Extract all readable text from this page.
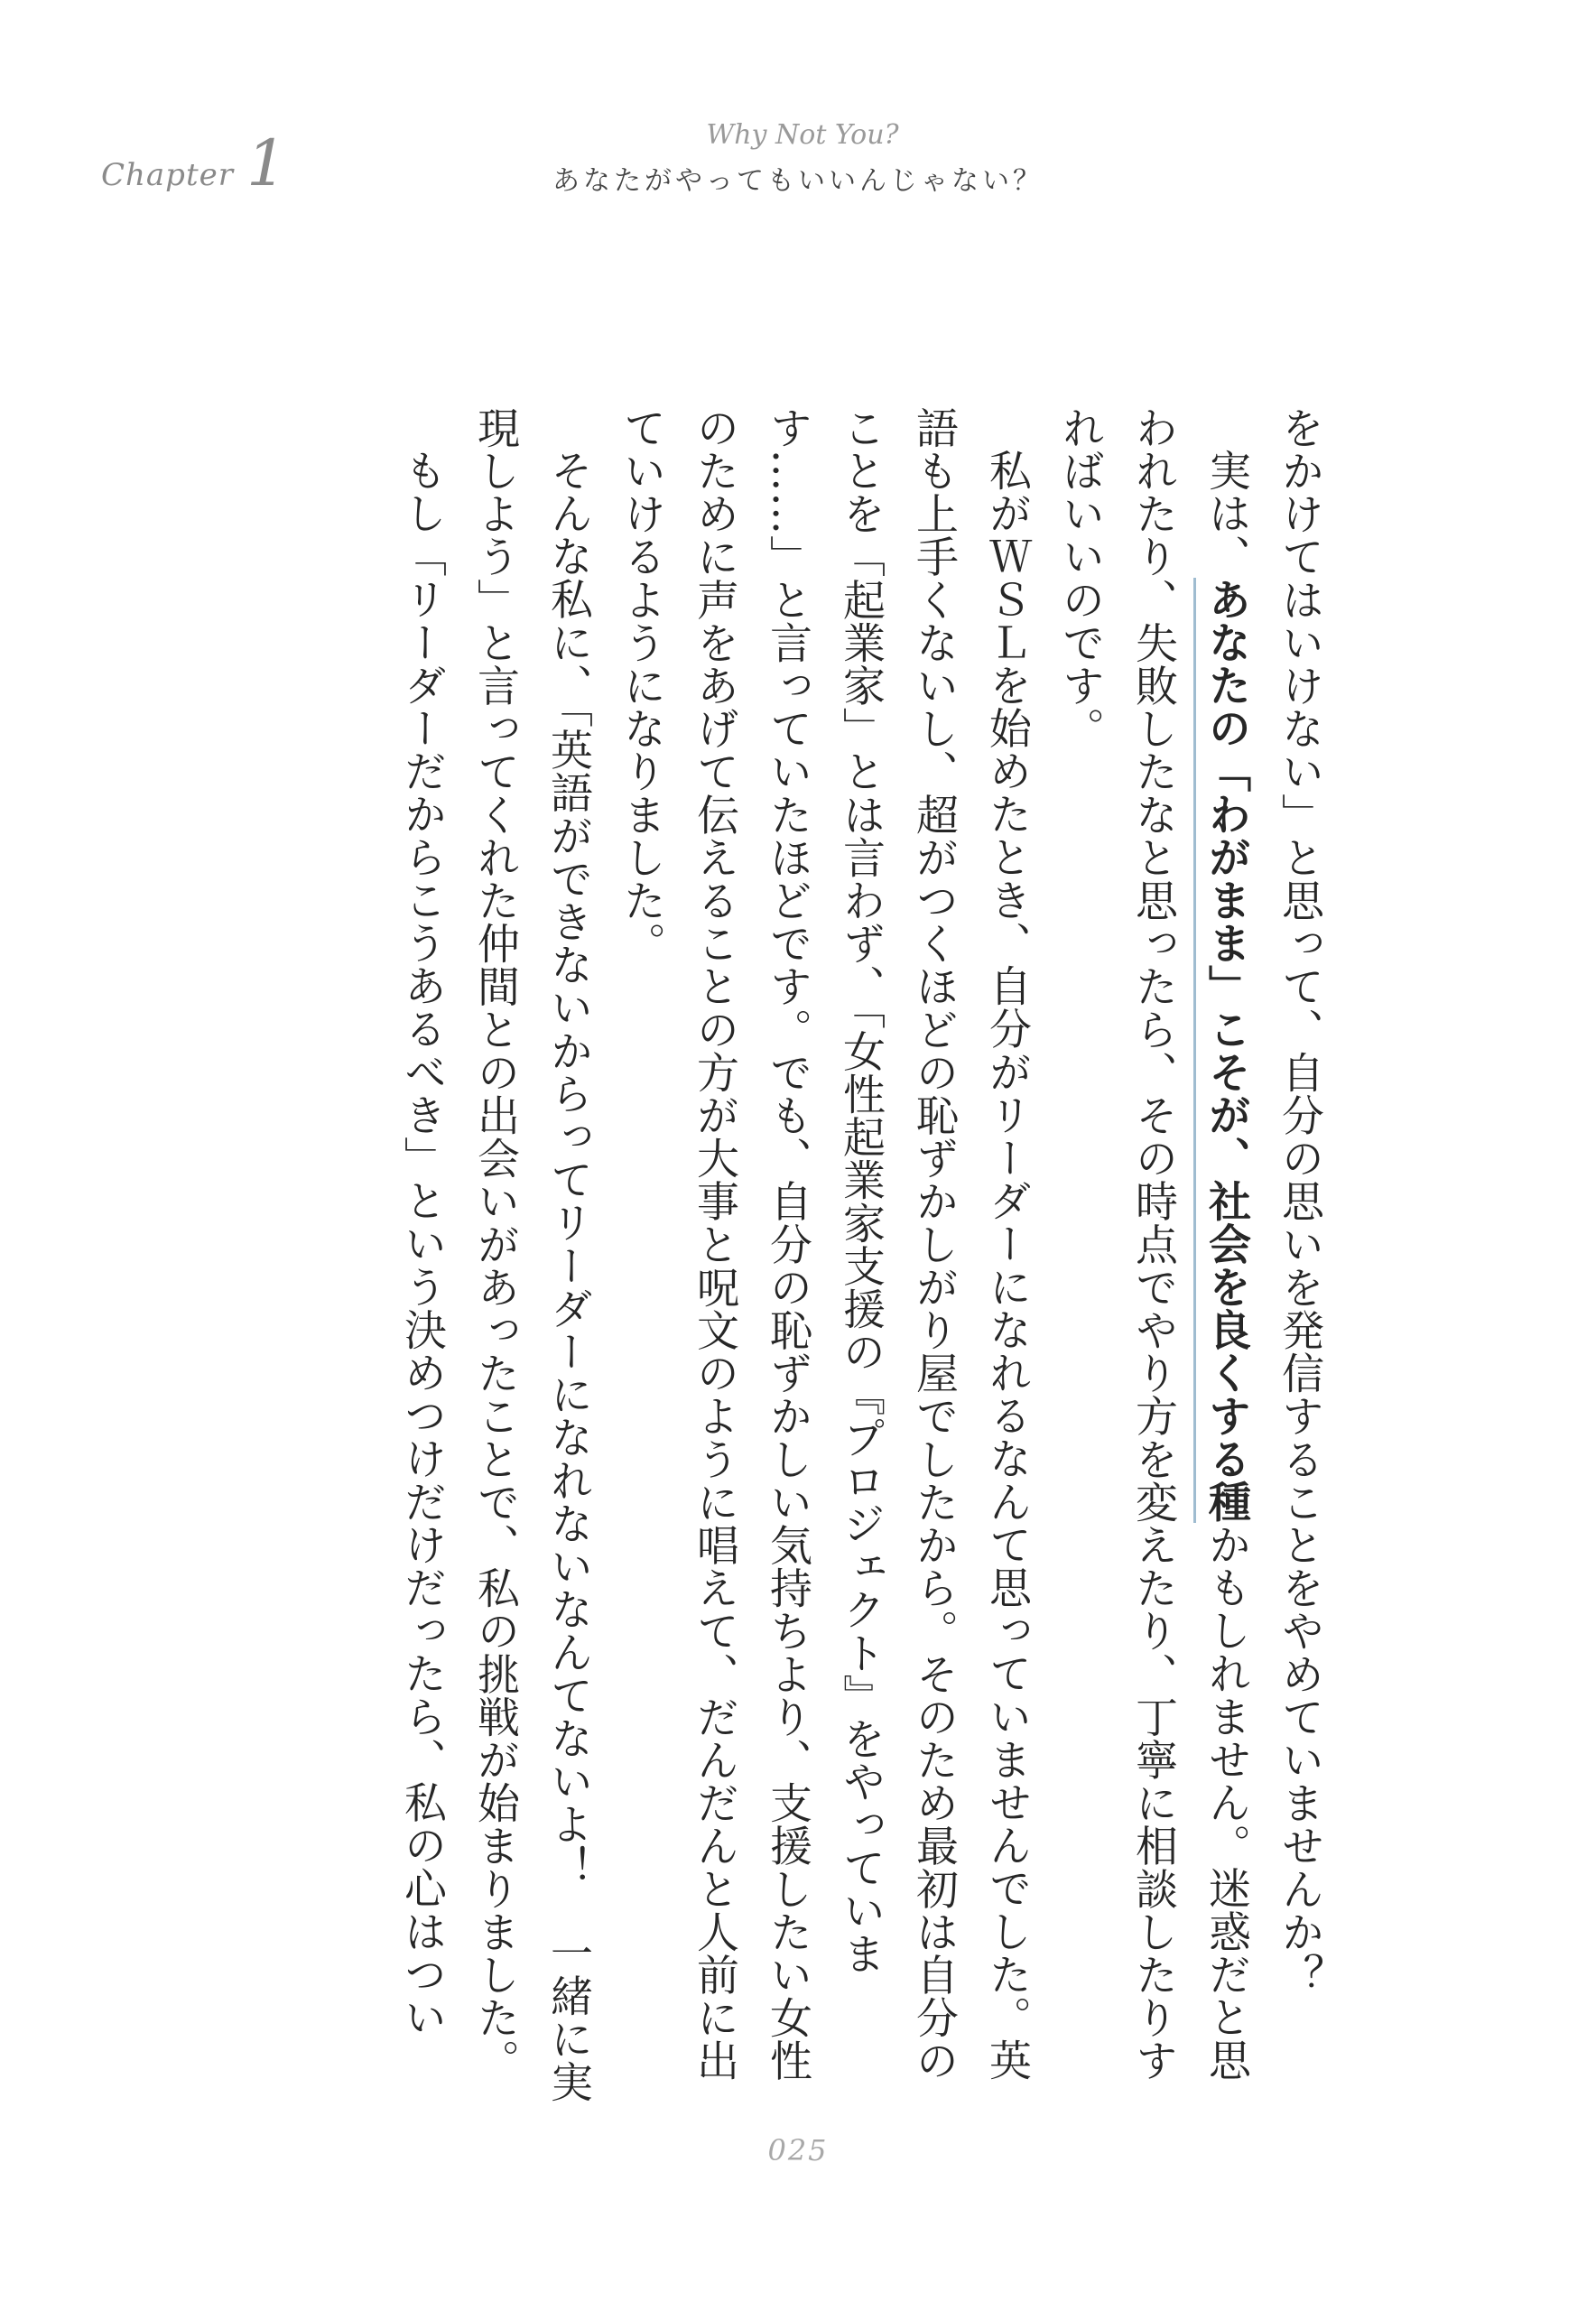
Chapter 1	Why Not You?
あなたがやってもいいんじゃない？

をかけてはいけない」と思って、自分の思いを発信することをやめていませんか？

実は、あなたの「わがまま」こそが、社会を良くする種かもしれません。迷惑だと思われたり、失敗したなと思ったら、その時点でやり方を変えたり、丁寧に相談したりすればいいのです。

私がＷＳＬを始めたとき、自分がリーダーになれるなんて思っていませんでした。英語も上手くないし、超がつくほどの恥ずかしがり屋でしたから。そのため最初は自分のことを「起業家」とは言わず、「女性起業家支援の『プロジェクト』をやっています……」と言っていたほどです。でも、自分の恥ずかしい気持ちより、支援したい女性のために声をあげて伝えることの方が大事と呪文のように唱えて、だんだんと人前に出ていけるようになりました。

そんな私に、「英語ができないからってリーダーになれないなんてないよ！　一緒に実現しよう」と言ってくれた仲間との出会いがあったことで、私の挑戦が始まりました。

もし「リーダーだからこうあるべき」という決めつけだけだったら、私の心はつい

025
